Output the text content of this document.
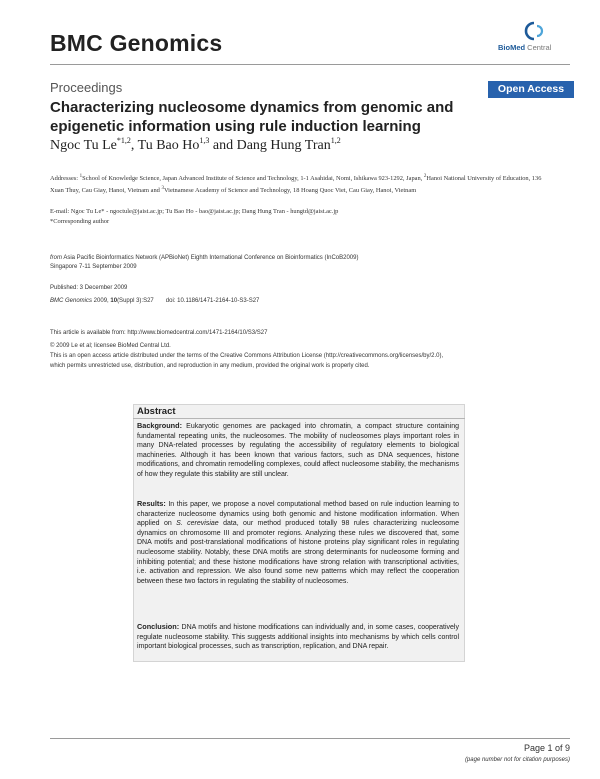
BMC Genomics	BioMed Central
Proceedings	Open Access
Characterizing nucleosome dynamics from genomic and epigenetic information using rule induction learning
Ngoc Tu Le$^{*1,2}$, Tu Bao Ho$^{1,3}$ and Dang Hung Tran$^{1,2}$
Addresses: $^1$School of Knowledge Science, Japan Advanced Institute of Science and Technology, 1-1 Asahidai, Nomi, Ishikawa 923-1292, Japan, $^2$Hanoi National University of Education, 136 Xuan Thuy, Cau Giay, Hanoi, Vietnam and $^3$Vietnamese Academy of Science and Technology, 18 Hoang Quoc Viet, Cau Giay, Hanoi, Vietnam
E-mail: Ngoc Tu Le* - ngoctule@jaist.ac.jp; Tu Bao Ho - bao@jaist.ac.jp; Dang Hung Tran - hungtd@jaist.ac.jp
*Corresponding author
from Asia Pacific Bioinformatics Network (APBioNet) Eighth International Conference on Bioinformatics (InCoB2009)
Singapore 7-11 September 2009
Published: 3 December 2009
BMC Genomics 2009, 10(Suppl 3):S27 doi: 10.1186/1471-2164-10-S3-S27
This article is available from: http://www.biomedcentral.com/1471-2164/10/S3/S27
© 2009 Le et al; licensee BioMed Central Ltd.
This is an open access article distributed under the terms of the Creative Commons Attribution License (http://creativecommons.org/licenses/by/2.0),
which permits unrestricted use, distribution, and reproduction in any medium, provided the original work is properly cited.
Abstract
Background: Eukaryotic genomes are packaged into chromatin, a compact structure containing fundamental repeating units, the nucleosomes. The mobility of nucleosomes plays important roles in many DNA-related processes by regulating the accessibility of regulatory elements to biological machineries. Although it has been known that various factors, such as DNA sequences, histone modifications, and chromatin remodelling complexes, could affect nucleosome stability, the mechanisms of how they regulate this stability are still unclear.
Results: In this paper, we propose a novel computational method based on rule induction learning to characterize nucleosome dynamics using both genomic and histone modification information. When applied on S. cerevisiae data, our method produced totally 98 rules characterizing nucleosome dynamics on chromosome III and promoter regions. Analyzing these rules we discovered that, some DNA motifs and post-translational modifications of histone proteins play significant roles in regulating nucleosome stability. Notably, these DNA motifs are strong determinants for nucleosome forming and inhibiting potential; and these histone modifications have strong relation with transcriptional activities, i.e. activation and repression. We also found some new patterns which may reflect the cooperation between these two factors in regulating the stability of nucleosomes.
Conclusion: DNA motifs and histone modifications can individually and, in some cases, cooperatively regulate nucleosome stability. This suggests additional insights into mechanisms by which cells control important biological processes, such as transcription, replication, and DNA repair.
Page 1 of 9
(page number not for citation purposes)
